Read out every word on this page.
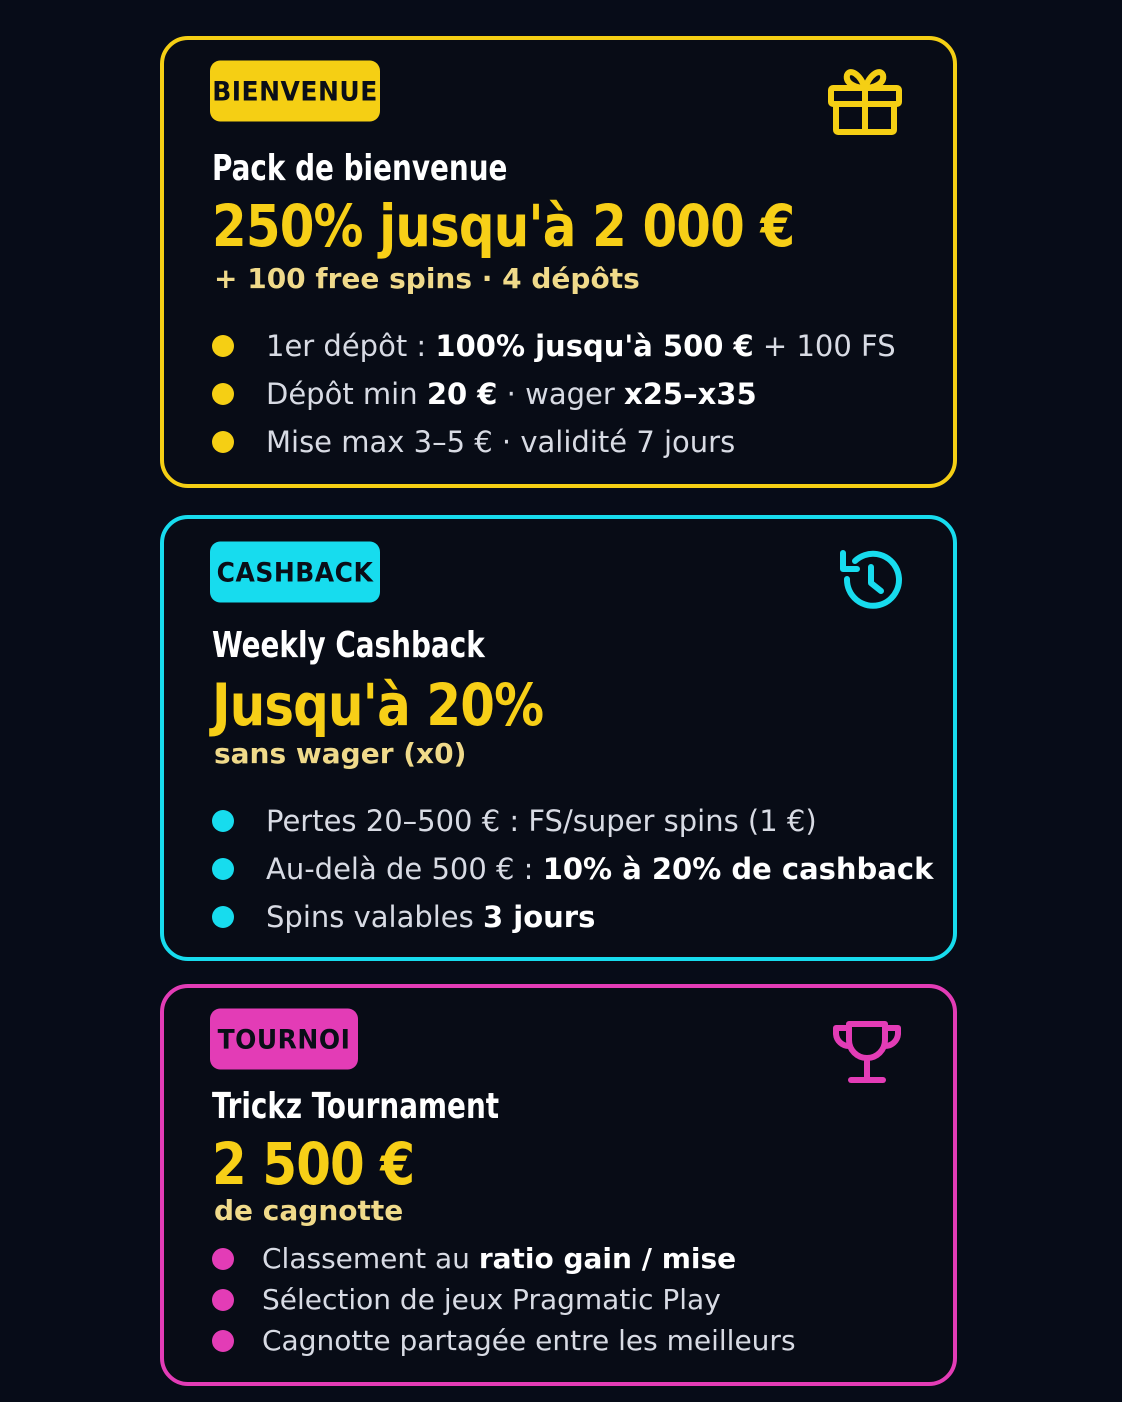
BIENVENUE
Pack de bienvenue
250% jusqu'à 2 000 €
+ 100 free spins · 4 dépôts
1er dépôt : 100% jusqu'à 500 € + 100 FS
Dépôt min 20 € · wager x25–x35
Mise max 3–5 € · validité 7 jours
CASHBACK
Weekly Cashback
Jusqu'à 20%
sans wager (x0)
Pertes 20–500 € : FS/super spins (1 €)
Au-delà de 500 € : 10% à 20% de cashback
Spins valables 3 jours
TOURNOI
Trickz Tournament
2 500 €
de cagnotte
Classement au ratio gain / mise
Sélection de jeux Pragmatic Play
Cagnotte partagée entre les meilleurs
